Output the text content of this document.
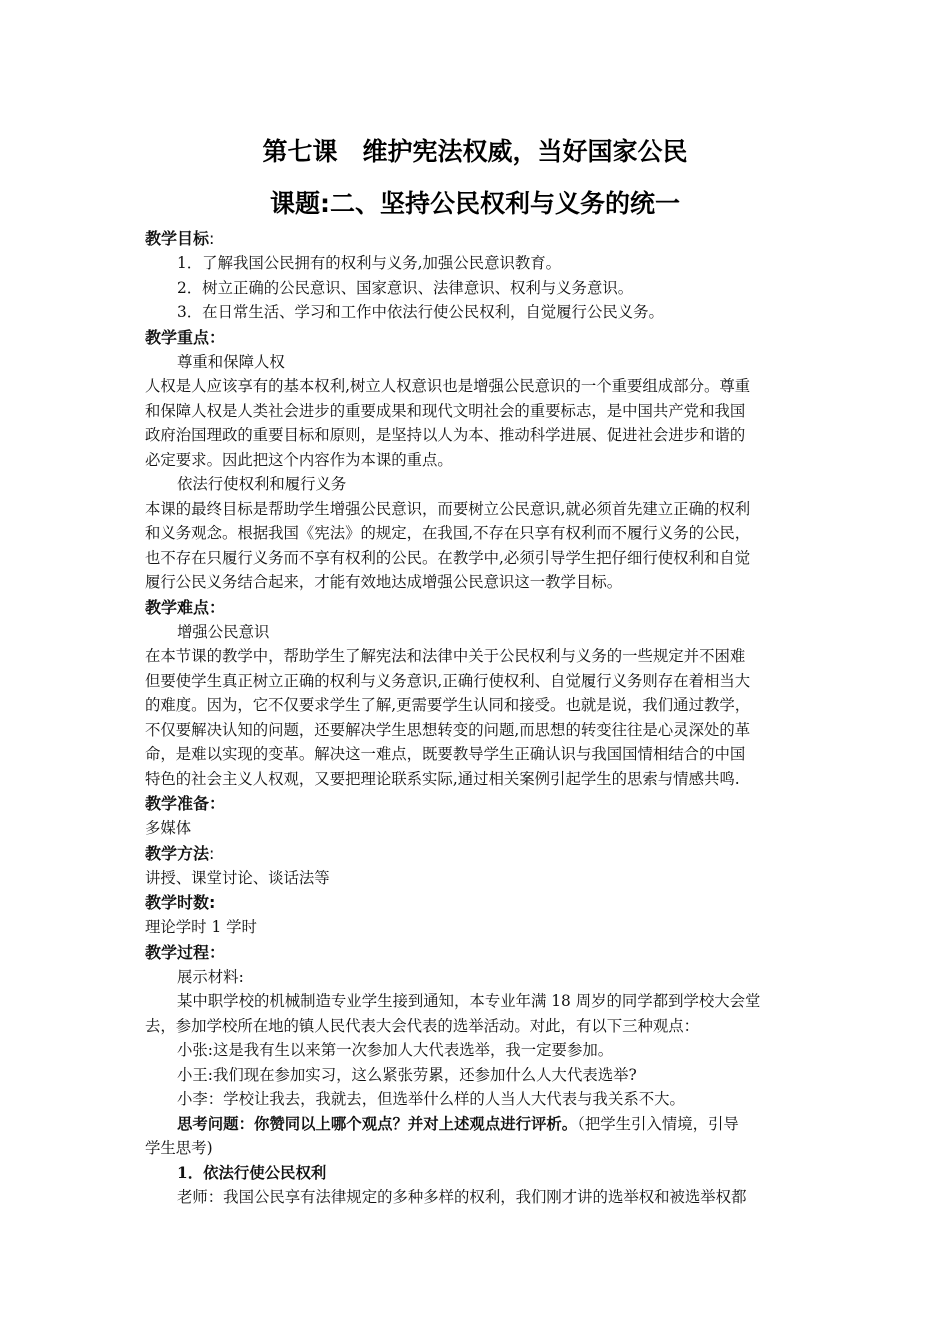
第七课　维护宪法权威，当好国家公民
课题:二、坚持公民权利与义务的统一
教学目标:

1．了解我国公民拥有的权利与义务,加强公民意识教育。

2．树立正确的公民意识、国家意识、法律意识、权利与义务意识。

3．在日常生活、学习和工作中依法行使公民权利，自觉履行公民义务。

教学重点：

尊重和保障人权

人权是人应该享有的基本权利,树立人权意识也是增强公民意识的一个重要组成部分。尊重

和保障人权是人类社会进步的重要成果和现代文明社会的重要标志，是中国共产党和我国

政府治国理政的重要目标和原则，是坚持以人为本、推动科学进展、促进社会进步和谐的

必定要求。因此把这个内容作为本课的重点。

依法行使权利和履行义务

本课的最终目标是帮助学生增强公民意识，而要树立公民意识,就必须首先建立正确的权利

和义务观念。根据我国《宪法》的规定，在我国,不存在只享有权利而不履行义务的公民，

也不存在只履行义务而不享有权利的公民。在教学中,必须引导学生把仔细行使权利和自觉

履行公民义务结合起来，才能有效地达成增强公民意识这一教学目标。

教学难点：

增强公民意识

在本节课的教学中，帮助学生了解宪法和法律中关于公民权利与义务的一些规定并不困难

但要使学生真正树立正确的权利与义务意识,正确行使权利、自觉履行义务则存在着相当大

的难度。因为，它不仅要求学生了解,更需要学生认同和接受。也就是说，我们通过教学，

不仅要解决认知的问题，还要解决学生思想转变的问题,而思想的转变往往是心灵深处的革

命，是难以实现的变革。解决这一难点，既要教导学生正确认识与我国国情相结合的中国

特色的社会主义人权观，又要把理论联系实际,通过相关案例引起学生的思索与情感共鸣.

教学准备：

多媒体

教学方法:

讲授、课堂讨论、谈话法等

教学时数:

理论学时 1 学时

教学过程：

展示材料:

某中职学校的机械制造专业学生接到通知，本专业年满 18 周岁的同学都到学校大会堂

去，参加学校所在地的镇人民代表大会代表的选举活动。对此，有以下三种观点：

小张:这是我有生以来第一次参加人大代表选举，我一定要参加。

小王:我们现在参加实习，这么紧张劳累，还参加什么人大代表选举?

小李：学校让我去，我就去，但选举什么样的人当人大代表与我关系不大。

思考问题：你赞同以上哪个观点？并对上述观点进行评析。（把学生引入情境，引导

学生思考)

1．依法行使公民权利

老师：我国公民享有法律规定的多种多样的权利，我们刚才讲的选举权和被选举权都
